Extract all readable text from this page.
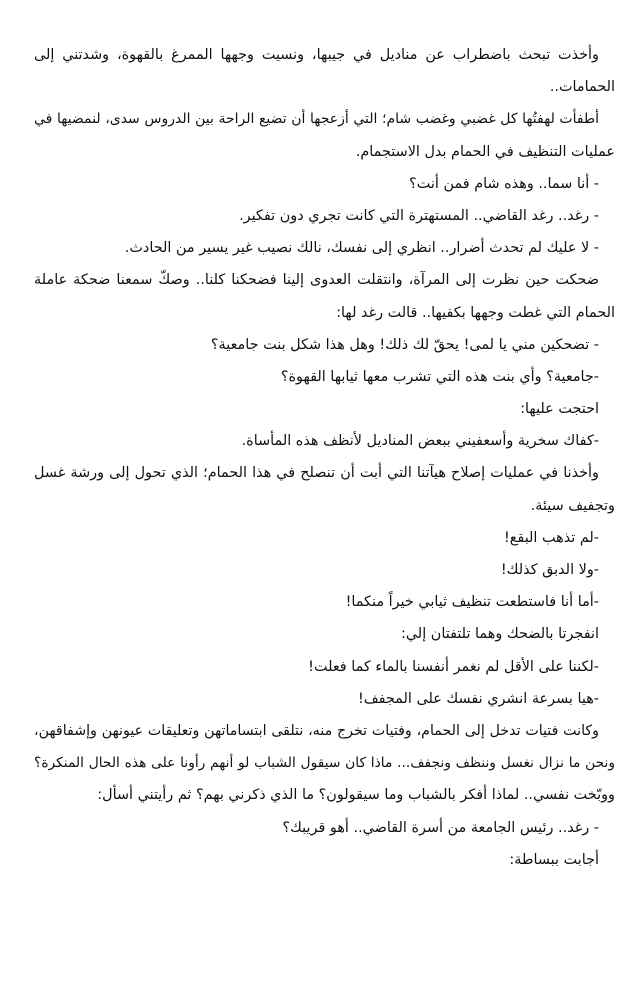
وأخذت تبحث باضطراب عن مناديل في جيبها، ونسيت وجهها الممرغ بالقهوة، وشدتني إلى
الحمامات..
أطفأت لهفتُها كل غضبي وغضب شام؛ التي أزعجها أن تضيع الراحة بين الدروس سدى، لنمضيها في
عمليات التنظيف في الحمام بدل الاستجمام.
- أنا سما.. وهذه شام فمن أنت؟
- رغد.. رغد القاضي.. المستهترة التي كانت تجري دون تفكير.
- لا عليك لم تحدث أضرار.. انظري إلى نفسك، نالك نصيب غير يسير من الحادث.
ضحكت حين نظرت إلى المرآة، وانتقلت العدوى إلينا فضحكنا كلنا.. وصكّ سمعنا ضحكة عاملة
الحمام التي غطت وجهها بكفيها.. قالت رغد لها:
- تضحكين مني يا لمى! يحقّ لك ذلك! وهل هذا شكل بنت جامعية؟
-جامعية؟ وأي بنت هذه التي تشرب معها ثيابها القهوة؟
احتجت عليها:
-كفاك سخرية وأسعفيني ببعض المناديل لأنظف هذه المأساة.
وأخذنا في عمليات إصلاح هيآتنا التي أبت أن تنصلح في هذا الحمام؛ الذي تحول إلى ورشة غسل
وتجفيف سيئة.
-لم تذهب البقع!
-ولا الدبق كذلك!
-أما أنا فاستطعت تنظيف ثيابي خيراً منكما!
انفجرتا بالضحك وهما تلتفتان إلي:
-لكننا على الأقل لم نغمر أنفسنا بالماء كما فعلت!
-هيا بسرعة انشري نفسك على المجفف!
وكانت فتيات تدخل إلى الحمام، وفتيات تخرج منه، نتلقى ابتساماتهن وتعليقات عيونهن وإشفاقهن،
ونحن ما نزال نغسل وننظف ونجفف... ماذا كان سيقول الشباب لو أنهم رأونا على هذه الحال المنكرة؟
ووبّخت نفسي.. لماذا أفكر بالشباب وما سيقولون؟ ما الذي ذكرني بهم؟ ثم رأيتني أسأل:
- رغد.. رئيس الجامعة من أسرة القاضي.. أهو قريبك؟
أجابت ببساطة:
